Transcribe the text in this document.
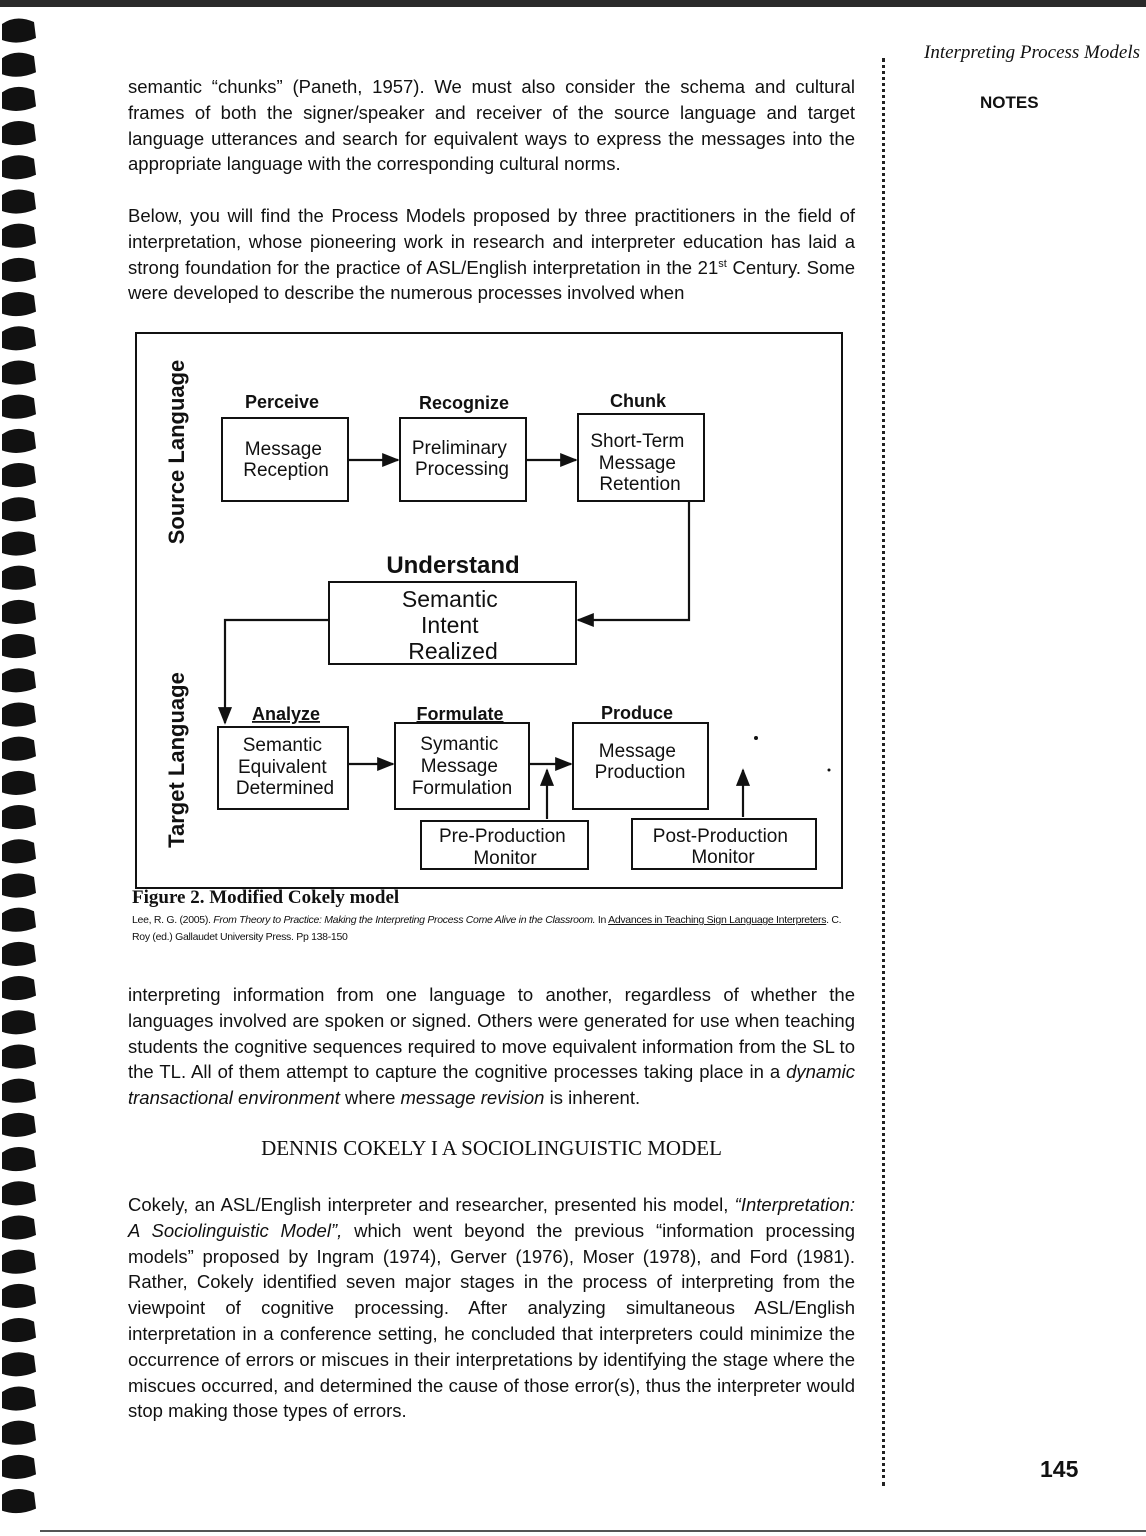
Interpreting Process Models
NOTES

semantic “chunks” (Paneth, 1957). We must also consider the schema and cultural frames of both the signer/speaker and receiver of the source language and target language utterances and search for equivalent ways to express the messages into the appropriate language with the corresponding cultural norms.

Below, you will find the Process Models proposed by three practitioners in the field of interpretation, whose pioneering work in research and interpreter education has laid a strong foundation for the practice of ASL/English interpretation in the 21st Century. Some were developed to describe the numerous processes involved when

Source Language
Target Language
Perceive	Recognize	Chunk
Understand
Analyze	Formulate	Produce
Message Reception
Preliminary Processing
Short-Term Message Retention
Semantic Intent Realized
Semantic Equivalent Determined
Symantic Message Formulation
Message Production
Pre-Production Monitor
Post-Production Monitor
Figure 2. Modified Cokely model
Lee, R. G. (2005). From Theory to Practice: Making the Interpreting Process Come Alive in the Classroom. In Advances in Teaching Sign Language Interpreters. C. Roy (ed.) Gallaudet University Press. Pp 138-150

interpreting information from one language to another, regardless of whether the languages involved are spoken or signed. Others were generated for use when teaching students the cognitive sequences required to move equivalent information from the SL to the TL. All of them attempt to capture the cognitive processes taking place in a dynamic transactional environment where message revision is inherent.

DENNIS COKELY I A SOCIOLINGUISTIC MODEL

Cokely, an ASL/English interpreter and researcher, presented his model, “Interpretation: A Sociolinguistic Model”, which went beyond the previous “information processing models” proposed by Ingram (1974), Gerver (1976), Moser (1978), and Ford (1981). Rather, Cokely identified seven major stages in the process of interpreting from the viewpoint of cognitive processing. After analyzing simultaneous ASL/English interpretation in a conference setting, he concluded that interpreters could minimize the occurrence of errors or miscues in their interpretations by identifying the stage where the miscues occurred, and determined the cause of those error(s), thus the interpreter would stop making those types of errors.

145
